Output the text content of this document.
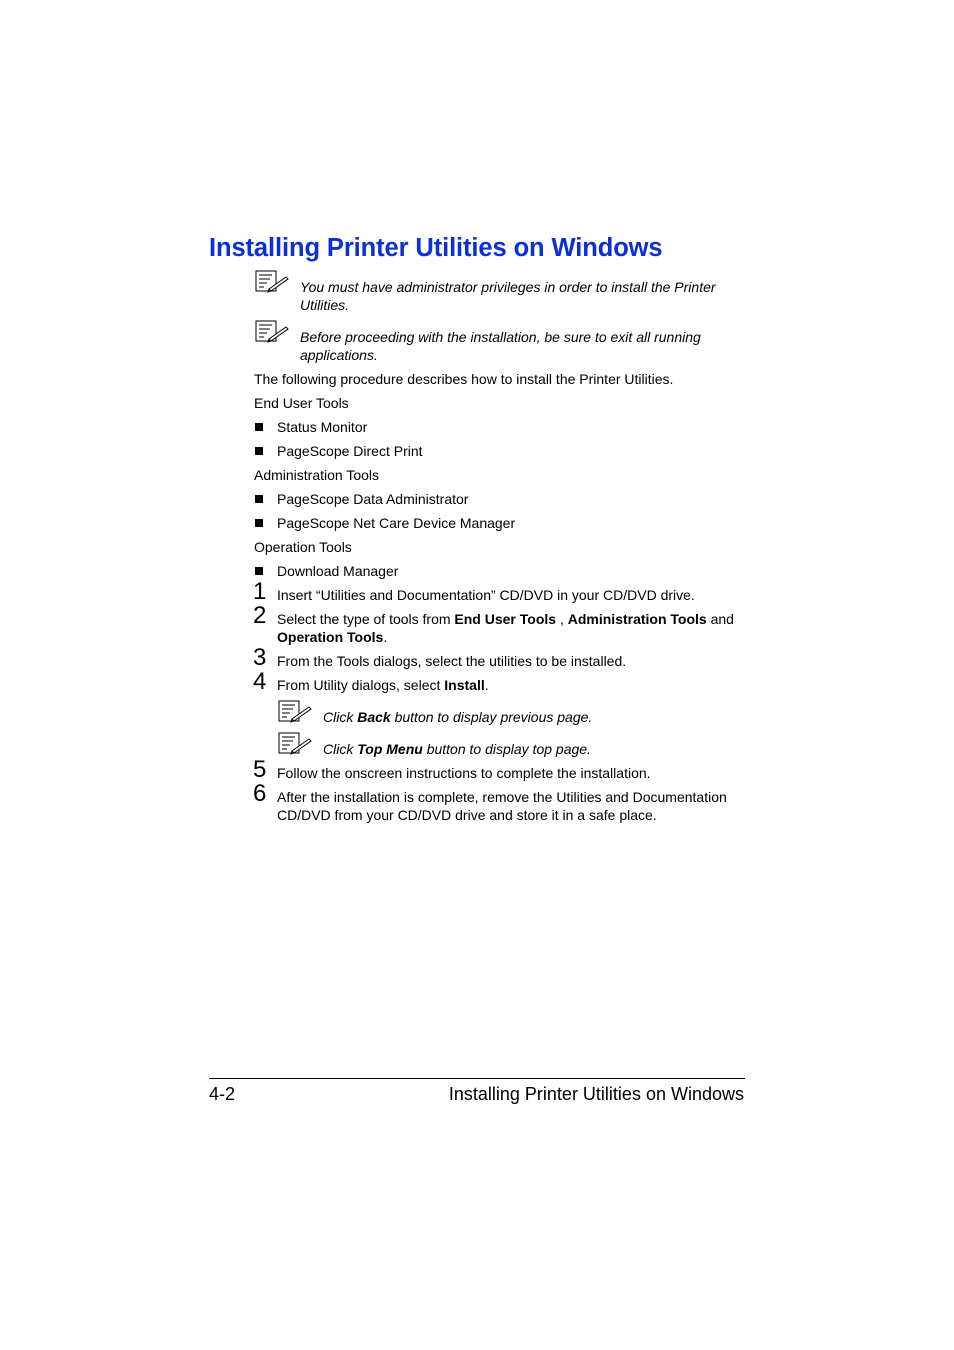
Installing Printer Utilities on Windows
You must have administrator privileges in order to install the Printer
Utilities.
Before proceeding with the installation, be sure to exit all running
applications.
The following procedure describes how to install the Printer Utilities.
End User Tools
Status Monitor
PageScope Direct Print
Administration Tools
PageScope Data Administrator
PageScope Net Care Device Manager
Operation Tools
Download Manager
1 Insert “Utilities and Documentation” CD/DVD in your CD/DVD drive.
2 Select the type of tools from End User Tools , Administration Tools and
Operation Tools.
3 From the Tools dialogs, select the utilities to be installed.
4 From Utility dialogs, select Install.
Click Back button to display previous page.
Click Top Menu button to display top page.
5 Follow the onscreen instructions to complete the installation.
6 After the installation is complete, remove the Utilities and Documentation
CD/DVD from your CD/DVD drive and store it in a safe place.
4-2	Installing Printer Utilities on Windows
